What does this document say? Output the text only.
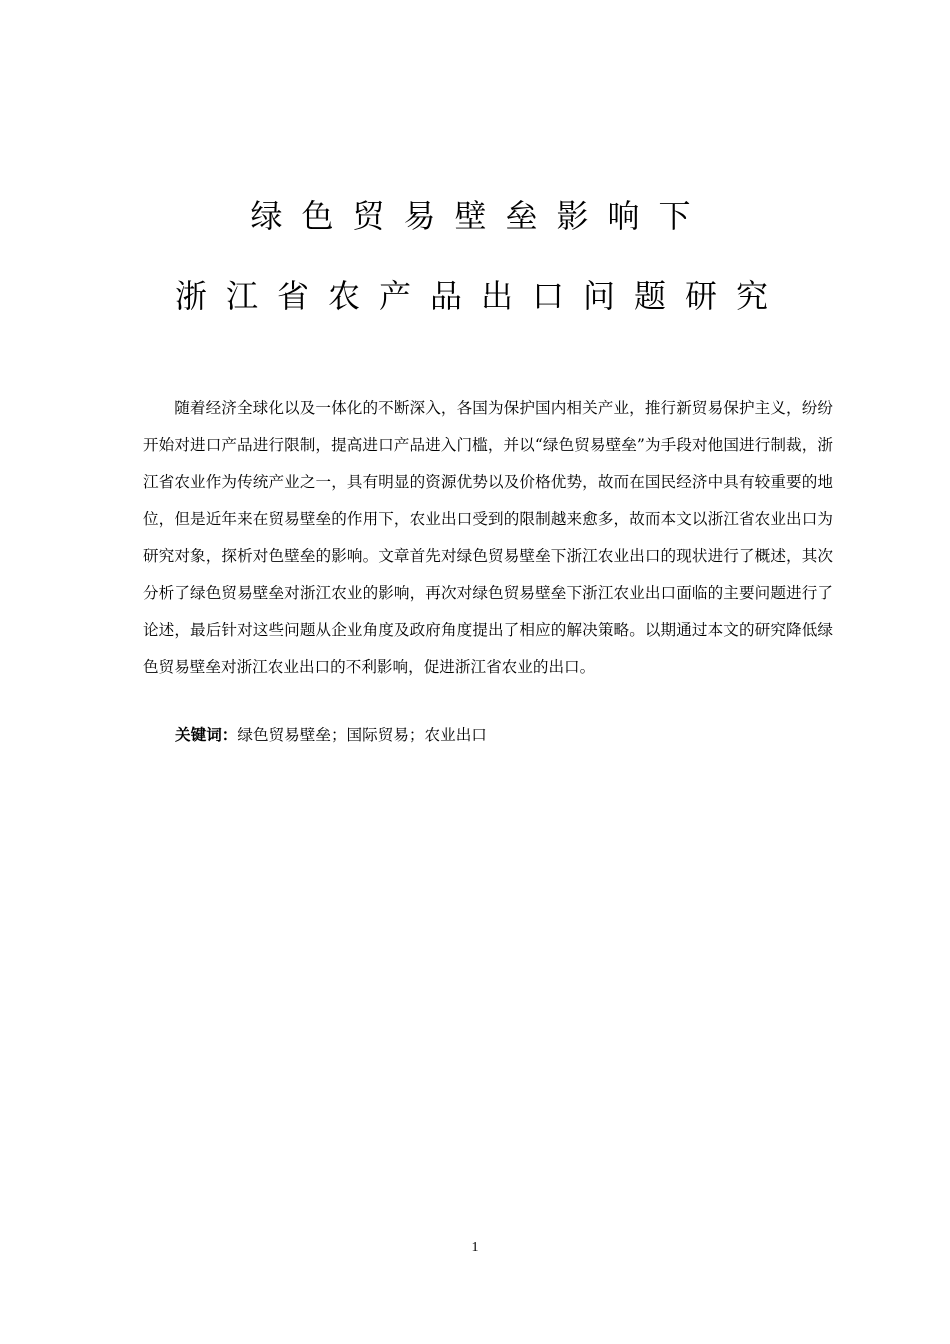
绿色贸易壁垒影响下

浙江省农产品出口问题研究

随着经济全球化以及一体化的不断深入，各国为保护国内相关产业，推行新贸易保护主义，纷纷开始对进口产品进行限制，提高进口产品进入门槛，并以“绿色贸易壁垒”为手段对他国进行制裁，浙江省农业作为传统产业之一，具有明显的资源优势以及价格优势，故而在国民经济中具有较重要的地位，但是近年来在贸易壁垒的作用下，农业出口受到的限制越来愈多，故而本文以浙江省农业出口为研究对象，探析对色壁垒的影响。文章首先对绿色贸易壁垒下浙江农业出口的现状进行了概述，其次分析了绿色贸易壁垒对浙江农业的影响，再次对绿色贸易壁垒下浙江农业出口面临的主要问题进行了论述，最后针对这些问题从企业角度及政府角度提出了相应的解决策略。以期通过本文的研究降低绿色贸易壁垒对浙江农业出口的不利影响，促进浙江省农业的出口。

关键词：绿色贸易壁垒；国际贸易；农业出口

1
